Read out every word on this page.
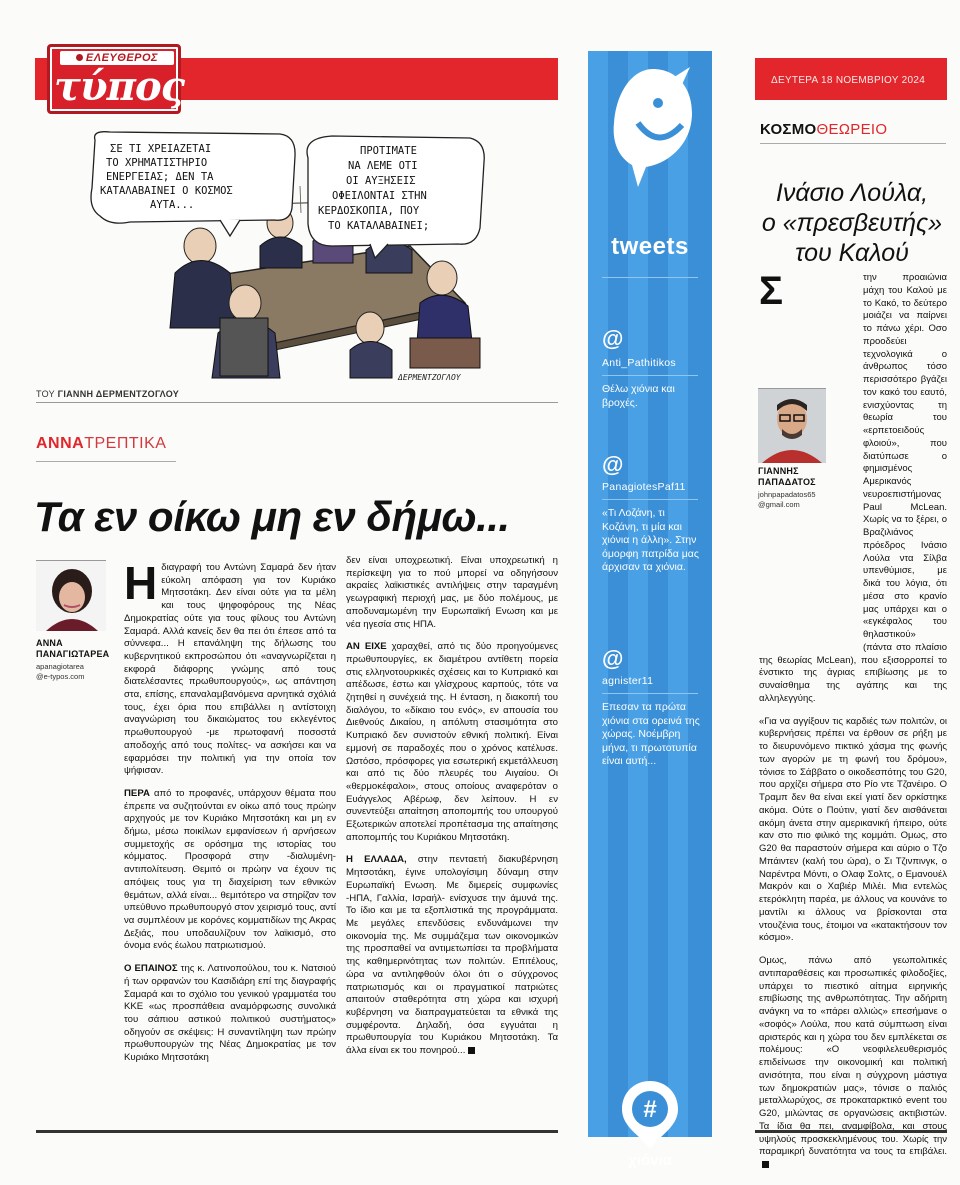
ΕΛΕΥΘΕΡΟΣ
τύπος
ΣΕ ΤΙ ΧΡΕΙΑΖΕΤΑΙ ΤΟ ΧΡΗΜΑΤΙΣΤΗΡΙΟ ΕΝΕΡΓΕΙΑΣ; ΔΕΝ ΤΑ ΚΑΤΑΛΑΒΑΙΝΕΙ Ο ΚΟΣΜΟΣ ΑΥΤΑ...
ΠΡΟΤΙΜΑΤΕ ΝΑ ΛΕΜΕ ΟΤΙ ΟΙ ΑΥΞΗΣΕΙΣ ΟΦΕΙΛΟΝΤΑΙ ΣΤΗΝ ΚΕΡΔΟΣΚΟΠΙΑ, ΠΟΥ ΤΟ ΚΑΤΑΛΑΒΑΙΝΕΙ;
ΔΕΡΜΕΝΤΖΟΓΛΟΥ
ΤΟΥ ΓΙΑΝΝΗ ΔΕΡΜΕΝΤΖΟΓΛΟΥ
ΑΝΝΑΤΡΕΠΤΙΚΑ
Τα εν οίκω μη εν δήμω...
ΑΝΝΑ
ΠΑΝΑΓΙΩΤΑΡΕΑ
apanagiotarea
@e-typos.com

Ηδιαγραφή του Αντώνη Σαμαρά δεν ήταν εύκολη απόφαση για τον Κυριάκο Μητσοτάκη. Δεν είναι ούτε για τα μέλη και τους ψηφοφόρους της Νέας Δημοκρατίας ούτε για τους φίλους του Αντώνη Σαμαρά. Αλλά κανείς δεν θα πει ότι έπεσε από τα σύννεφα... Η επανάληψη της δήλωσης του κυβερνητικού εκπροσώπου ότι «αναγνωρίζεται η εκφορά διάφορης γνώμης από τους διατελέσαντες πρωθυπουργούς», ως απάντηση στα, επίσης, επαναλαμβανόμενα αρνητικά σχόλιά τους, έχει όρια που επιβάλλει η αντίστοιχη αναγνώριση του δικαιώματος του εκλεγέντος πρωθυπουργού -με πρωτοφανή ποσοστά αποδοχής από τους πολίτες- να ασκήσει και να εφαρμόσει την πολιτική για την οποία τον ψήφισαν.

ΠΕΡΑ από το προφανές, υπάρχουν θέματα που έπρεπε να συζητούνται εν οίκω από τους πρώην αρχηγούς με τον Κυριάκο Μητσοτάκη και μη εν δήμω, μέσω ποικίλων εμφανίσεων ή αρνήσεων συμμετοχής σε ορόσημα της ιστορίας του κόμματος. Προσφορά στην -διαλυμένη- αντιπολίτευση. Θεμιτό οι πρώην να έχουν τις απόψεις τους για τη διαχείριση των εθνικών θεμάτων, αλλά είναι... θεμιτότερο να στηρίζαν τον υπεύθυνο πρωθυπουργό στον χειρισμό τους, αντί να συμπλέουν με κορόνες κομματιδίων της Ακρας Δεξιάς, που υποδαυλίζουν τον λαϊκισμό, στο όνομα ενός έωλου πατριωτισμού.

Ο ΕΠΑΙΝΟΣ της κ. Λατινοπούλου, του κ. Νατσιού ή των ορφανών του Κασιδιάρη επί της διαγραφής Σαμαρά και το σχόλιο του γενικού γραμματέα του ΚΚΕ «ως προσπάθεια αναμόρφωσης συνολικά του σάπιου αστικού πολιτικού συστήματος» οδηγούν σε σκέψεις: Η συναντίληψη των πρώην πρωθυπουργών της Νέας Δημοκρατίας με τον Κυριάκο Μητσοτάκη

δεν είναι υποχρεωτική. Είναι υποχρεωτική η περίσκεψη για το πού μπορεί να οδηγήσουν ακραίες λαϊκιστικές αντιλήψεις στην ταραγμένη γεωγραφική περιοχή μας, με δύο πολέμους, με αποδυναμωμένη την Ευρωπαϊκή Ενωση και με νέα ηγεσία στις ΗΠΑ.

ΑΝ ΕΙΧΕ χαραχθεί, από τις δύο προηγούμενες πρωθυπουργίες, εκ διαμέτρου αντίθετη πορεία στις ελληνοτουρκικές σχέσεις και το Κυπριακό και απέδωσε, έστω και γλίσχρους καρπούς, τότε να ζητηθεί η συνέχειά της. Η ένταση, η διακοπή του διαλόγου, το «δίκαιο του ενός», εν απουσία του Διεθνούς Δικαίου, η απόλυτη στασιμότητα στο Κυπριακό δεν συνιστούν εθνική πολιτική. Είναι εμμονή σε παραδοχές που ο χρόνος κατέλυσε. Ωστόσο, πρόσφορες για εσωτερική εκμετάλλευση και από τις δύο πλευρές του Αιγαίου. Οι «θερμοκέφαλοι», στους οποίους αναφερόταν ο Ευάγγελος Αβέρωφ, δεν λείπουν. Η εν συνεντεύξει απαίτηση αποπομπής του υπουργού Εξωτερικών αποτελεί προπέτασμα της απαίτησης αποπομπής του Κυριάκου Μητσοτάκη.

Η ΕΛΛΑΔΑ, στην πενταετή διακυβέρνηση Μητσοτάκη, έγινε υπολογίσιμη δύναμη στην Ευρωπαϊκή Ενωση. Με διμερείς συμφωνίες -ΗΠΑ, Γαλλία, Ισραήλ- ενίσχυσε την άμυνά της. Το ίδιο και με τα εξοπλιστικά της προγράμματα. Με μεγάλες επενδύσεις ενδυνάμωνει την οικονομία της. Με συμμάζεμα των οικονομικών της προσπαθεί να αντιμετωπίσει τα προβλήματα της καθημερινότητας των πολιτών. Επιτέλους, ώρα να αντιληφθούν όλοι ότι ο σύγχρονος πατριωτισμός και οι πραγματικοί πατριώτες απαιτούν σταθερότητα στη χώρα και ισχυρή κυβέρνηση να διαπραγματεύεται τα εθνικά της συμφέροντα. Δηλαδή, όσα εγγυάται η πρωθυπουργία του Κυριάκου Μητσοτάκη. Τα άλλα είναι εκ του πονηρού...

tweets
@
Anti_Pathitikos
Θέλω χιόνια και βροχές.
@
PanagiotesPaf11
«Τι Λοζάνη, τι Κοζάνη, τι μία και χιόνια η άλλη». Στην όμορφη πατρίδα μας άρχισαν τα χιόνια.
@
agnister11
Επεσαν τα πρώτα χιόνια στα ορεινά της χώρας. Νοέμβρη μήνα, τι πρωτοτυπία είναι αυτή...
#
χιόνια
ΔΕΥΤΕΡΑ 18 ΝΟΕΜΒΡΙΟΥ 2024
ΚΟΣΜΟΘΕΩΡΕΙΟ
Ινάσιο Λούλα,
ο «πρεσβευτής»
του Καλού

Σ	την προαιώνια μάχη του Καλού με το Κακό, το δεύτερο μοιάζει να παίρνει το πάνω χέρι. Οσο προοδεύει τεχνολογικά ο άνθρωπος τόσο περισσότερο βγάζει τον κακό του εαυτό, ενισχύοντας τη θεωρία του «ερπετοειδούς φλοιού», που διατύπωσε ο φημισμένος Αμερικανός νευροεπιστήμονας Paul McLean. Χωρίς να το ξέρει, ο Βραζιλιάνος πρόεδρος Ινάσιο Λούλα ντα Σίλβα υπενθύμισε, με δικά του λόγια, ότι μέσα στο κρανίο μας υπάρχει και ο «εγκέφαλος του θηλαστικού» (πάντα στο πλαίσιο της θεωρίας McLean), που εξισορροπεί το ένστικτο της άγριας επιβίωσης με το συναίσθημα της αγάπης και της αλληλεγγύης.

«Για να αγγίξουν τις καρδιές των πολιτών, οι κυβερνήσεις πρέπει να έρθουν σε ρήξη με το διευρυνόμενο πικτικό χάσμα της φωνής των αγορών με τη φωνή του δρόμου», τόνισε το Σάββατο ο οικοδεσπότης του G20, που αρχίζει σήμερα στο Ρίο ντε Τζανέιρο. Ο Τραμπ δεν θα είναι εκεί γιατί δεν ορκίστηκε ακόμα. Ούτε ο Πούτιν, γιατί δεν αισθάνεται ακόμη άνετα στην αμερικανική ήπειρο, ούτε καν στο πιο φιλικό της κομμάτι. Ομως, στο G20 θα παραστούν σήμερα και αύριο ο Τζο Μπάιντεν (καλή του ώρα), ο Σι Τζινπινγκ, ο Ναρέντρα Μόντι, ο Ολαφ Σολτς, ο Εμανουέλ Μακρόν και ο Χαβιέρ Μιλέι. Μια εντελώς ετερόκλητη παρέα, με άλλους να κουνάνε το μαντίλι κι άλλους να βρίσκονται στα ντουζένια τους, έτοιμοι να «κατακτήσουν τον κόσμο».

Ομως, πάνω από γεωπολιτικές αντιπαραθέσεις και προσωπικές φιλοδοξίες, υπάρχει το πιεστικό αίτημα ειρηνικής επιβίωσης της ανθρωπότητας. Την αδήριτη ανάγκη να το «πάρει αλλιώς» επεσήμανε ο «σοφός» Λούλα, που κατά σύμπτωση είναι αριστερός και η χώρα του δεν εμπλέκεται σε πολέμους: «Ο νεοφιλελευθερισμός επιδείνωσε την οικονομική και πολιτική ανισότητα, που είναι η σύγχρονη μάστιγα των δημοκρατιών μας», τόνισε ο παλιός μεταλλωρύχος, σε προκαταρκτικό event του G20, μιλώντας σε οργανώσεις ακτιβιστών. Τα ίδια θα πει, αναμφίβολα, και στους υψηλούς προσκεκλημένους του. Χωρίς την παραμικρή δυνατότητα να τους τα επιβάλει.

ΓΙΑΝΝΗΣ
ΠΑΠΑΔΑΤΟΣ
johnpapadatos65
@gmail.com
